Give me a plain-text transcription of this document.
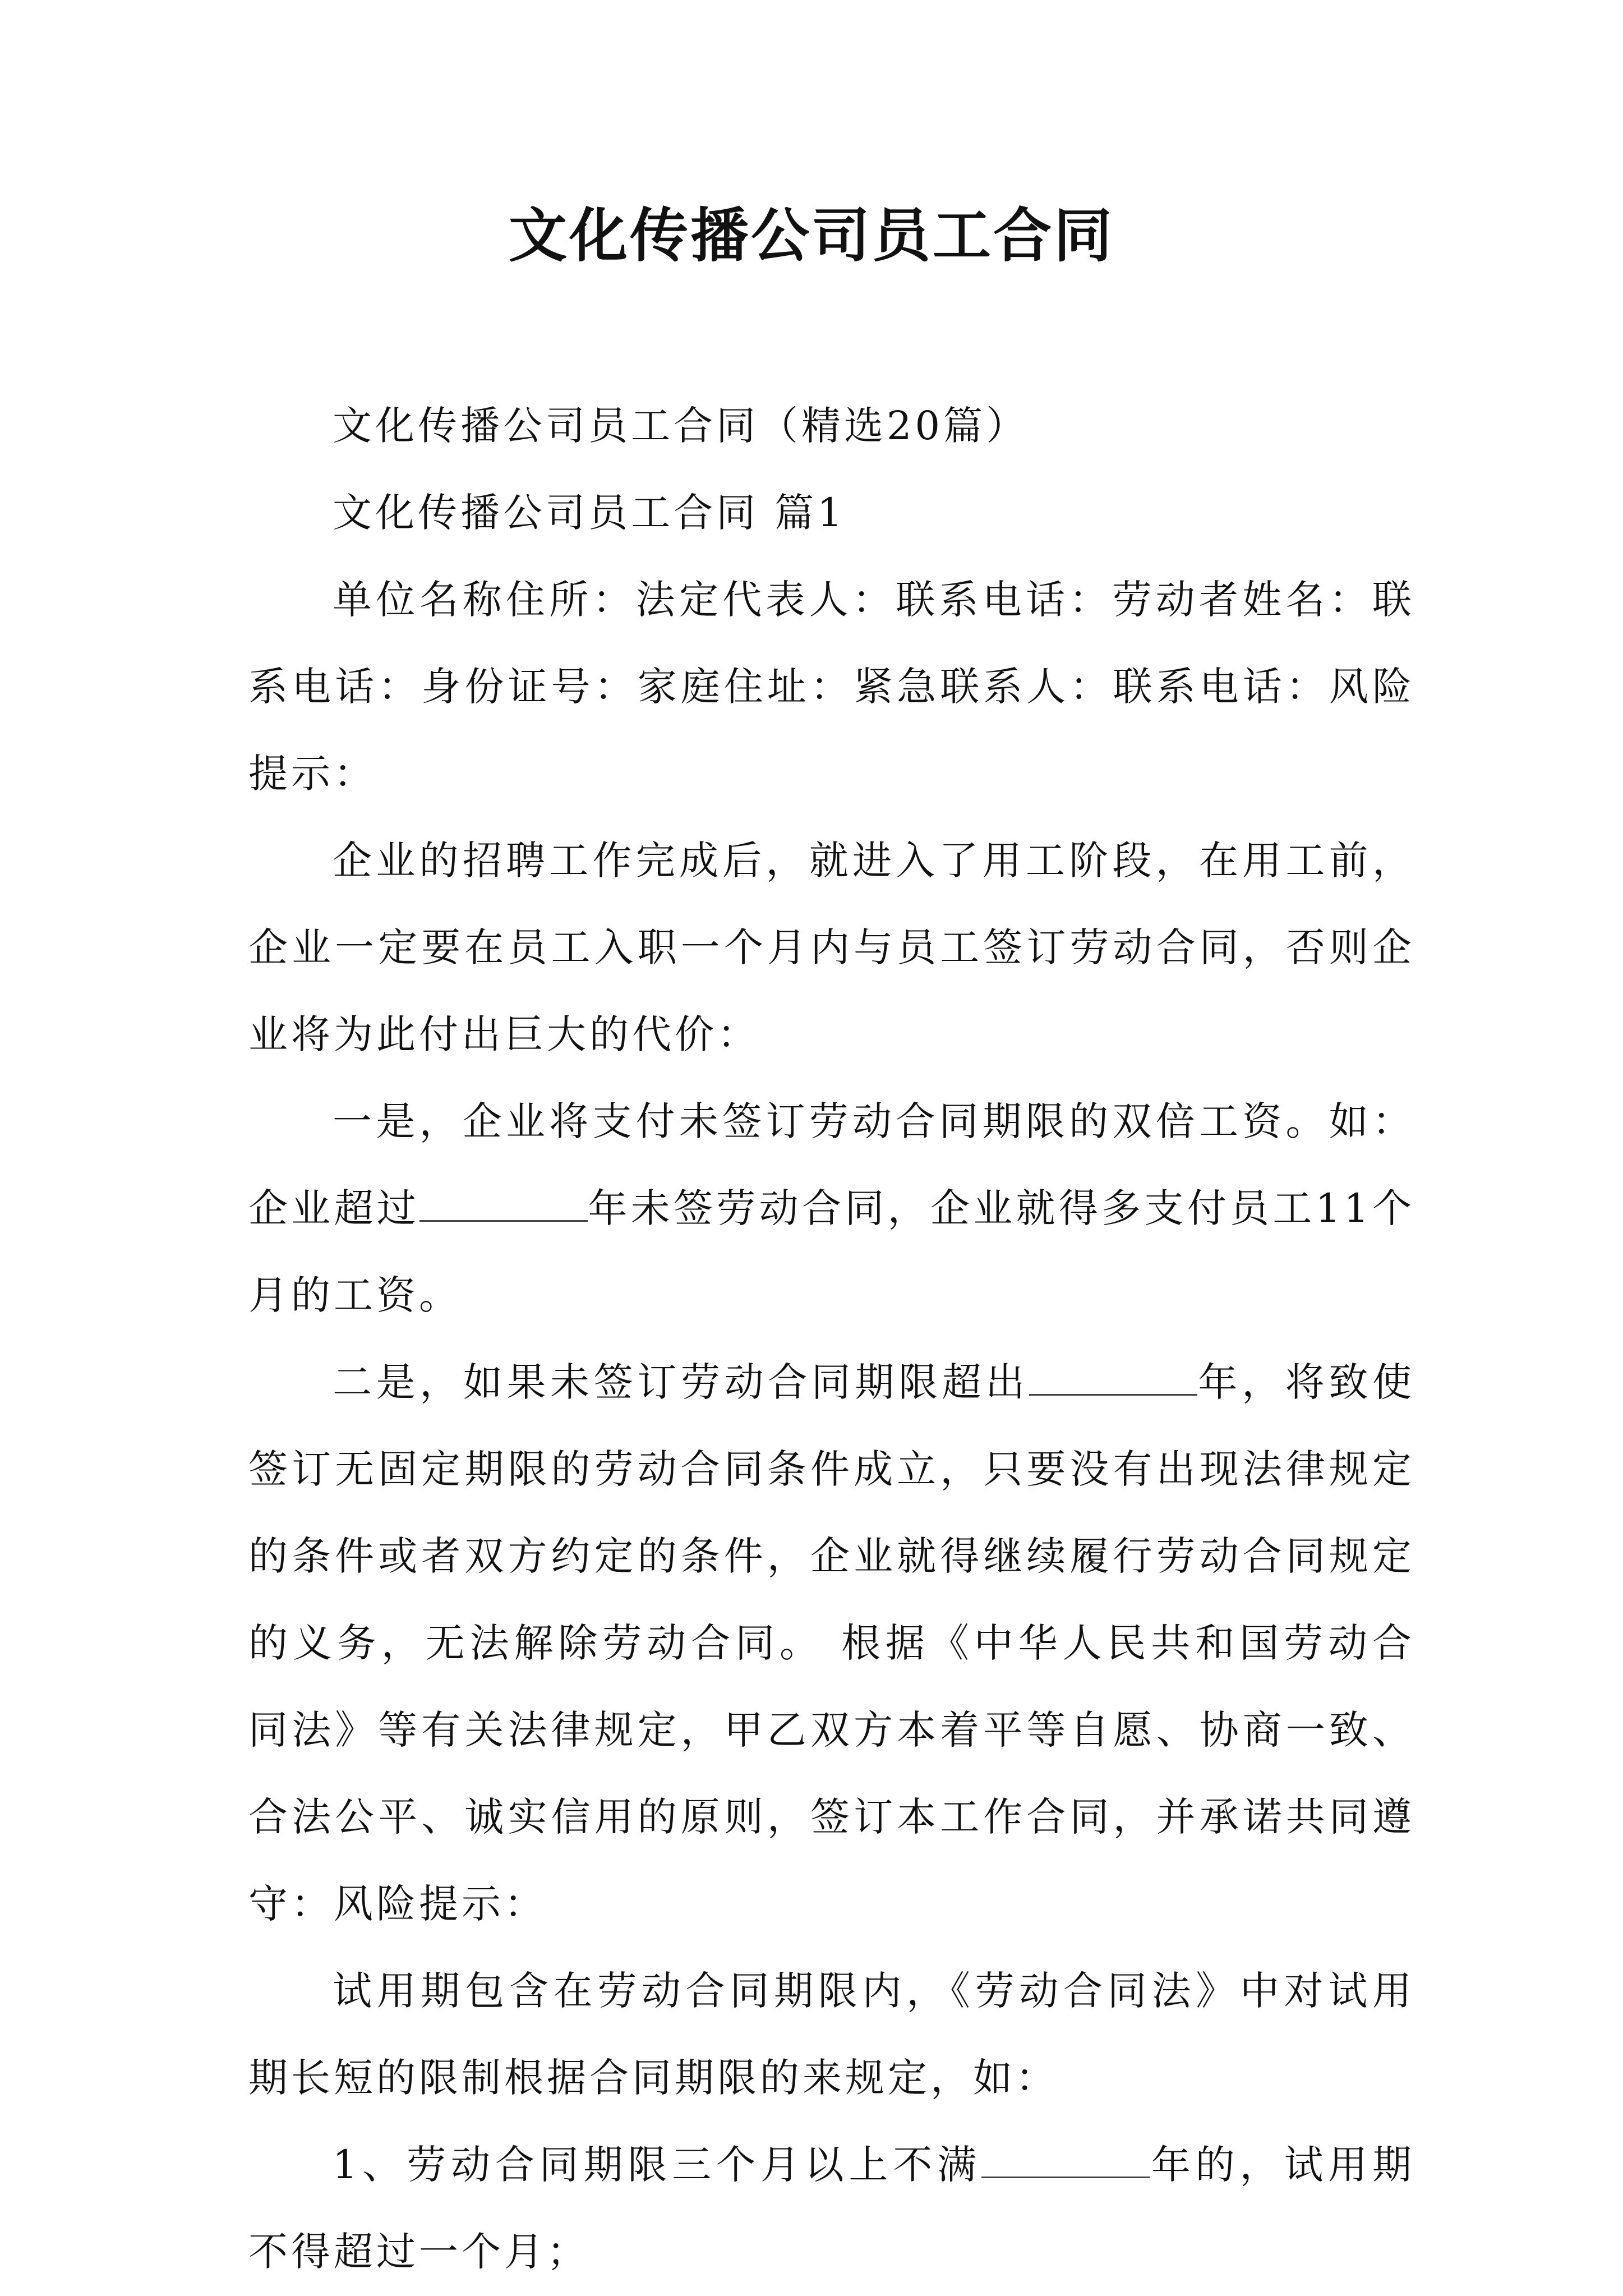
文化传播公司员工合同

文化传播公司员工合同（精选20篇）

文化传播公司员工合同 篇1

单位名称住所：法定代表人：联系电话：劳动者姓名：联系电话：身份证号：家庭住址：紧急联系人：联系电话：风险提示：

企业的招聘工作完成后，就进入了用工阶段，在用工前，企业一定要在员工入职一个月内与员工签订劳动合同，否则企业将为此付出巨大的代价：

一是，企业将支付未签订劳动合同期限的双倍工资。如：企业超过	年未签劳动合同，企业就得多支付员工11个月的工资。

二是，如果未签订劳动合同期限超出	年，将致使签订无固定期限的劳动合同条件成立，只要没有出现法律规定的条件或者双方约定的条件，企业就得继续履行劳动合同规定的义务，无法解除劳动合同。 根据《中华人民共和国劳动合同法》等有关法律规定，甲乙双方本着平等自愿、协商一致、合法公平、诚实信用的原则，签订本工作合同，并承诺共同遵守：风险提示：

试用期包含在劳动合同期限内，《劳动合同法》中对试用期长短的限制根据合同期限的来规定，如：

1、劳动合同期限三个月以上不满	年的，试用期不得超过一个月；
